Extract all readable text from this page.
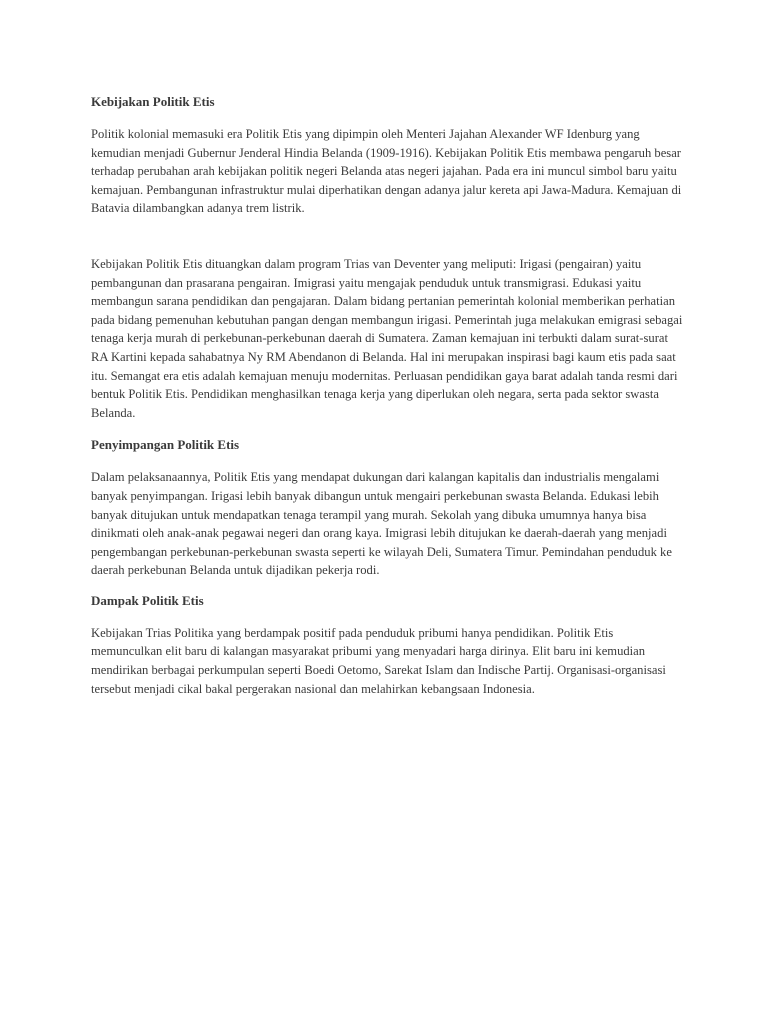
Kebijakan Politik Etis

Politik kolonial memasuki era Politik Etis yang dipimpin oleh Menteri Jajahan Alexander WF Idenburg yang kemudian menjadi Gubernur Jenderal Hindia Belanda (1909-1916). Kebijakan Politik Etis membawa pengaruh besar terhadap perubahan arah kebijakan politik negeri Belanda atas negeri jajahan. Pada era ini muncul simbol baru yaitu kemajuan. Pembangunan infrastruktur mulai diperhatikan dengan adanya jalur kereta api Jawa-Madura. Kemajuan di Batavia dilambangkan adanya trem listrik.

Kebijakan Politik Etis dituangkan dalam program Trias van Deventer yang meliputi: Irigasi (pengairan) yaitu pembangunan dan prasarana pengairan. Imigrasi yaitu mengajak penduduk untuk transmigrasi. Edukasi yaitu membangun sarana pendidikan dan pengajaran. Dalam bidang pertanian pemerintah kolonial memberikan perhatian pada bidang pemenuhan kebutuhan pangan dengan membangun irigasi. Pemerintah juga melakukan emigrasi sebagai tenaga kerja murah di perkebunan-perkebunan daerah di Sumatera. Zaman kemajuan ini terbukti dalam surat-surat RA Kartini kepada sahabatnya Ny RM Abendanon di Belanda. Hal ini merupakan inspirasi bagi kaum etis pada saat itu. Semangat era etis adalah kemajuan menuju modernitas. Perluasan pendidikan gaya barat adalah tanda resmi dari bentuk Politik Etis. Pendidikan menghasilkan tenaga kerja yang diperlukan oleh negara, serta pada sektor swasta Belanda.

Penyimpangan Politik Etis

Dalam pelaksanaannya, Politik Etis yang mendapat dukungan dari kalangan kapitalis dan industrialis mengalami banyak penyimpangan. Irigasi lebih banyak dibangun untuk mengairi perkebunan swasta Belanda. Edukasi lebih banyak ditujukan untuk mendapatkan tenaga terampil yang murah. Sekolah yang dibuka umumnya hanya bisa dinikmati oleh anak-anak pegawai negeri dan orang kaya. Imigrasi lebih ditujukan ke daerah-daerah yang menjadi pengembangan perkebunan-perkebunan swasta seperti ke wilayah Deli, Sumatera Timur. Pemindahan penduduk ke daerah perkebunan Belanda untuk dijadikan pekerja rodi.

Dampak Politik Etis

Kebijakan Trias Politika yang berdampak positif pada penduduk pribumi hanya pendidikan. Politik Etis memunculkan elit baru di kalangan masyarakat pribumi yang menyadari harga dirinya. Elit baru ini kemudian mendirikan berbagai perkumpulan seperti Boedi Oetomo, Sarekat Islam dan Indische Partij. Organisasi-organisasi tersebut menjadi cikal bakal pergerakan nasional dan melahirkan kebangsaan Indonesia.
